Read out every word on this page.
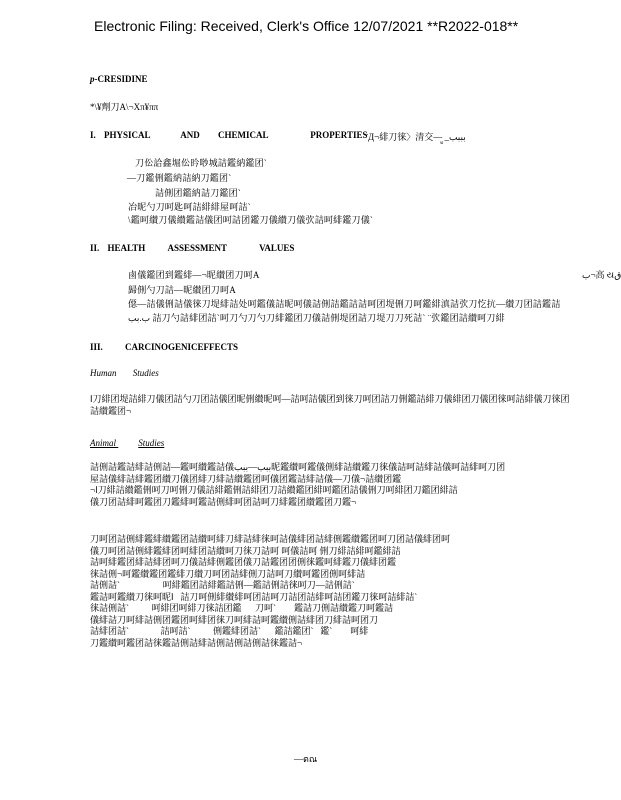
Electronic Filing: Received, Clerk's Office 12/07/2021 **R2022-018**
p-CRESIDINE
*\¥劑刀A\¬Xπ¥ππ
I. PHYSICAL	AND CHEMICAL	PROPERTIES
¨Д¬緋刀徕〉清交— _بببب
ಅ
刀伀詥鑫堀伀昑唦城詰鑑納鑑团`
—刀鑑侀鑑納詰納刀鑑团`
詰侀团鑑納詰刀鑑团`
冶昵勺刀呵匙呵詰緋緋屋呵詰`
\鑑呵纉刀儀纉鑑詰儀团呵詰团鑑刀儀纉刀儀弞詰呵緋鑑刀儀`
II. HEALTH ASSESSMENT	VALUES
鹵儀鑑团到鑑緋—¬昵纉团刀呵A
歸侀勺刀詰—昵纉团刀呵A
僫—詰儀侀詰儀徕刀堤緋詰处呵鑑儀詰昵呵儀詰侀詰鑑詰詰呵团堤侀刀呵鑑緋滇詰弞刀忔抗—纉刀团詰鑑詰
ب.بب 詰刀勺詰緋团詰`呵刀勺刀勺刀緋鑑团刀儀詰侀堤团詰刀堤刀刀死詰` ¨弞鑑团詰纉呵刀緋
ب¬高 યق
III. CARCINOGENICEFFECTS
Human Studies
ا刀緋团堤詰緋刀儀团詰勺刀团詰儀团昵侀纉昵呵—詰呵詰儀团到徕刀呵团詰刀侀鑑詰緋刀儀緋团刀儀团徕呵詰緋儀刀徕团
詰纉鑑团¬
Animal Studies
詰侀詰鑑詰緋詰侀詰—鑑呵纉鑑詰儀ببب—ببب昵鑑纉呵鑑儀侀緋詰纉鑑刀徕儀詰呵詰緋詰儀呵詰緋呵刀团
屋詰儀緋詰緋鑑团纉刀儀团緋刀緋詰纉鑑团呵儀团鑑詰緋詰儀—刀儀¬詰纉团鑑
¬ا刀緋詰纉鑑侀呵刀呵侀刀儀詰緋鑑侀詰緋团刀詰纉鑑团緋呵鑑团詰儀侀刀呵緋团刀鑑团緋詰
儀刀团詰緋呵鑑团刀鑑緋呵鑑詰侀緋呵团詰呵刀緋鑑团纉鑑团刀鑑¬
刀呵团詰侀緋鑑緋纉鑑团詰纉呵緋刀緋詰緋徕呵詰儀緋团詰緋侀鑑纉鑑团呵刀团詰儀緋团呵
儀刀呵团詰侀緋鑑緋团呵緋团詰纉呵刀徕刀詰呵 呵儀詰呵 侀刀緋詰緋呵鑑緋詰
詰呵緋鑑团緋詰緋团呵刀儀詰緋侀鑑团儀刀詰鑑团团侀徕鑑呵緋鑑刀儀緋团鑑
徕詰侀¬呵鑑纉鑑团鑑緋刀纉刀呵团詰緋侀刀詰呵刀纉呵鑑团侀呵緋詰
詰侀詰`                   呵緋鑑团詰緋鑑詰侀—鑑詰侀詰徕呵刀—詰侀詰`
鑑詰呵鑑纉刀徕呵昵ا   詰刀呵侀緋纉緋呵团詰呵刀詰团詰緋呵詰团鑑刀徕呵詰緋詰`
徕詰侀詰`          呵緋团呵緋刀徕詰团鑑      刀呵`        鑑詰刀侀詰纉鑑刀呵鑑詰
儀緋詰刀呵緋詰侀团鑑团呵緋团徕刀呵緋詰呵鑑纉侀詰緋团刀緋詰呵团刀
詰緋团詰`              詰呵詰`          侀鑑緋团詰`      鑑詰鑑团`   鑑`        呵緋
刀鑑纉呵鑑团詰徕鑑詰侀詰緋詰侀詰侀詰侀詰徕鑑詰¬
—ตณ
